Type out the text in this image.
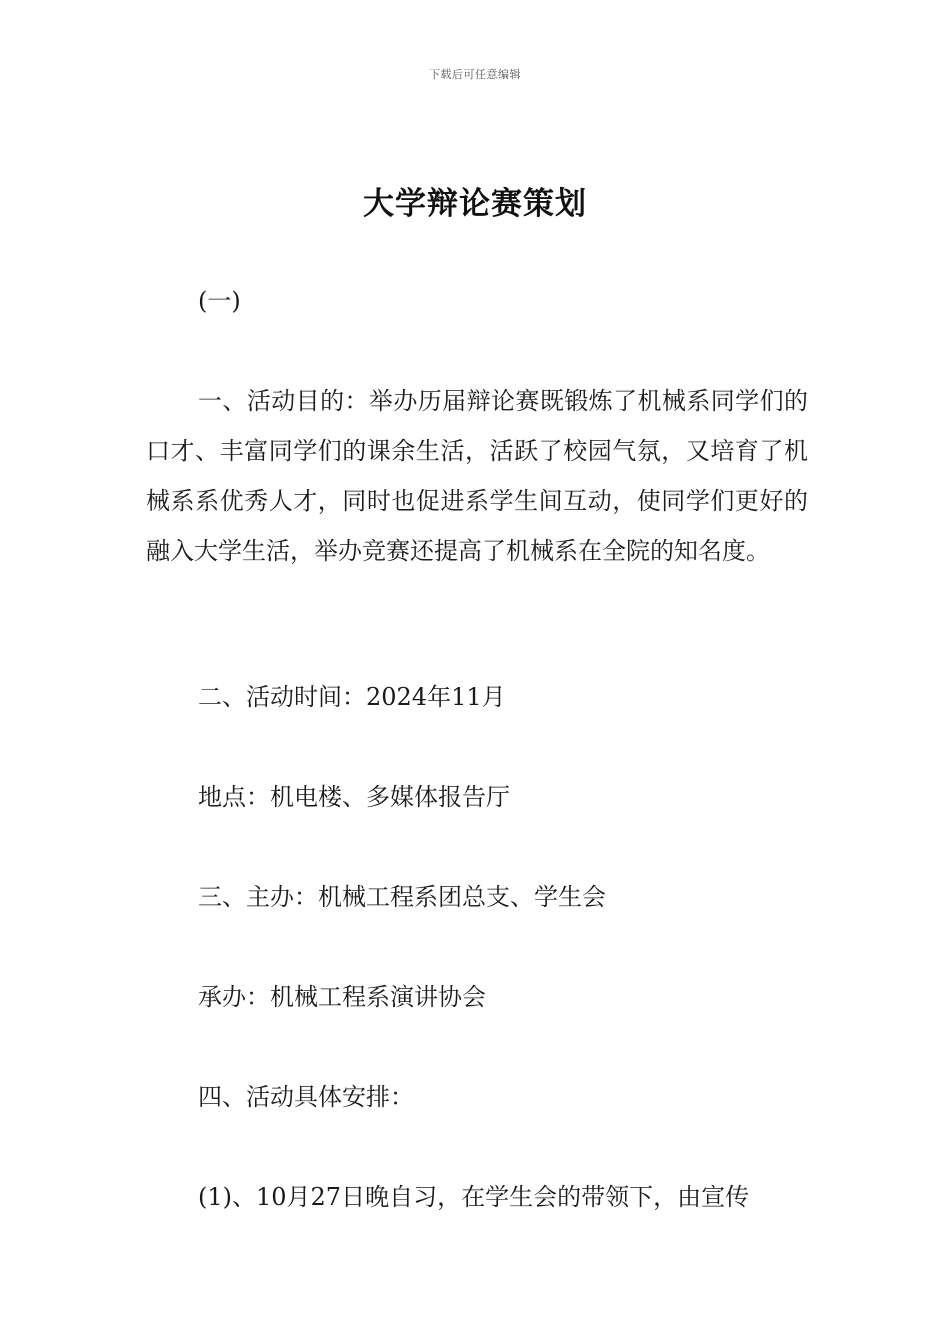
下载后可任意编辑
大学辩论赛策划

(一)

一、活动目的：举办历届辩论赛既锻炼了机械系同学们的口才、丰富同学们的课余生活，活跃了校园气氛，又培育了机械系系优秀人才，同时也促进系学生间互动，使同学们更好的融入大学生活，举办竞赛还提高了机械系在全院的知名度。

二、活动时间：2024年11月

地点：机电楼、多媒体报告厅

三、主办：机械工程系团总支、学生会

承办：机械工程系演讲协会

四、活动具体安排：

(1)、10月27日晚自习，在学生会的带领下，由宣传
